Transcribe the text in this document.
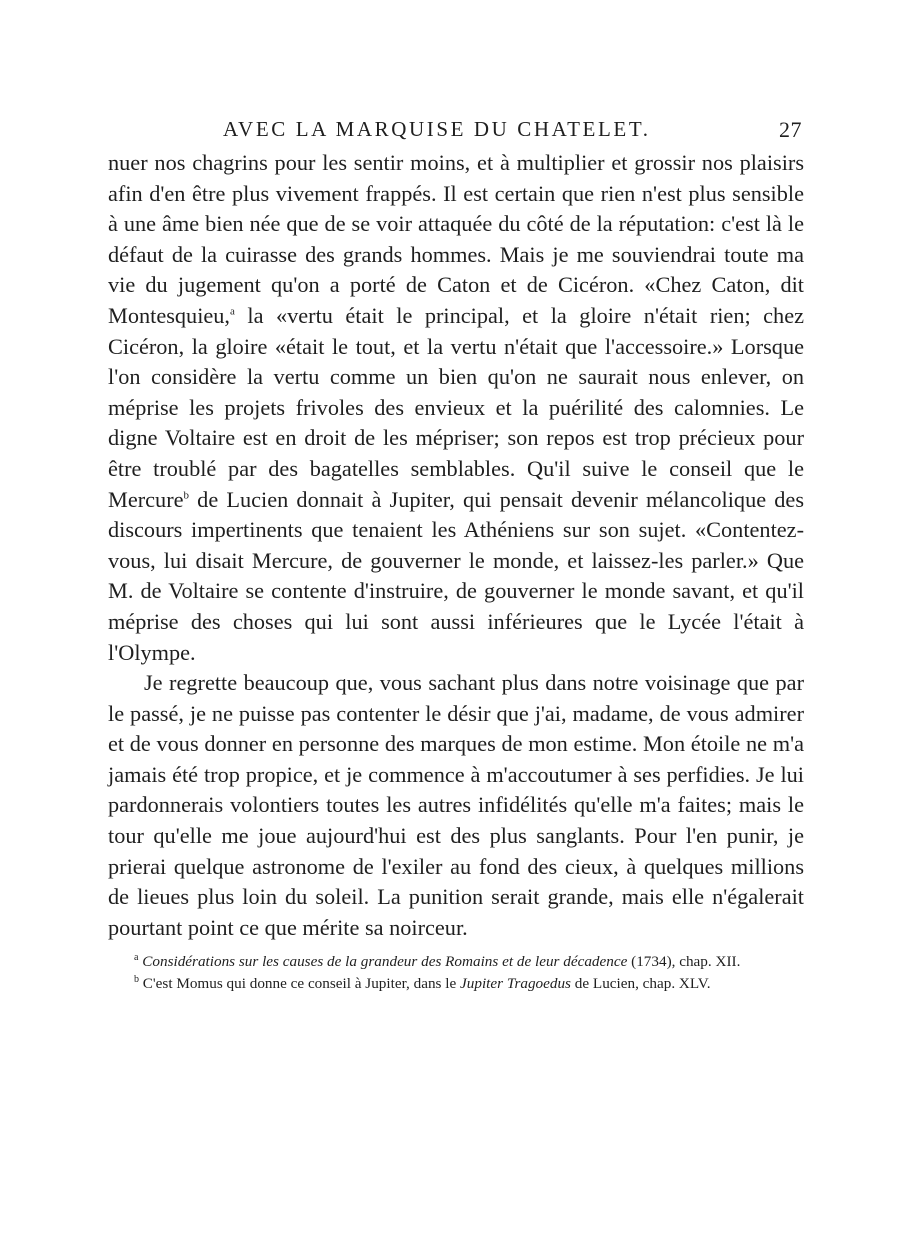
AVEC LA MARQUISE DU CHATELET.	27

nuer nos chagrins pour les sentir moins, et à multiplier et grossir nos plaisirs afin d'en être plus vivement frappés. Il est certain que rien n'est plus sensible à une âme bien née que de se voir attaquée du côté de la réputation: c'est là le défaut de la cuirasse des grands hommes. Mais je me souviendrai toute ma vie du jugement qu'on a porté de Caton et de Cicéron. «Chez Caton, dit Montesquieu,$^a$ la «vertu était le principal, et la gloire n'était rien; chez Cicéron, la gloire «était le tout, et la vertu n'était que l'accessoire.» Lorsque l'on considère la vertu comme un bien qu'on ne saurait nous enlever, on méprise les projets frivoles des envieux et la puérilité des calomnies. Le digne Voltaire est en droit de les mépriser; son repos est trop précieux pour être troublé par des bagatelles semblables. Qu'il suive le conseil que le Mercure$^b$ de Lucien donnait à Jupiter, qui pensait devenir mélancolique des discours impertinents que tenaient les Athéniens sur son sujet. «Contentez-vous, lui disait Mercure, de gouverner le monde, et laissez-les parler.» Que M. de Voltaire se contente d'instruire, de gouverner le monde savant, et qu'il méprise des choses qui lui sont aussi inférieures que le Lycée l'était à l'Olympe.

Je regrette beaucoup que, vous sachant plus dans notre voisinage que par le passé, je ne puisse pas contenter le désir que j'ai, madame, de vous admirer et de vous donner en personne des marques de mon estime. Mon étoile ne m'a jamais été trop propice, et je commence à m'accoutumer à ses perfidies. Je lui pardonnerais volontiers toutes les autres infidélités qu'elle m'a faites; mais le tour qu'elle me joue aujourd'hui est des plus sanglants. Pour l'en punir, je prierai quelque astronome de l'exiler au fond des cieux, à quelques millions de lieues plus loin du soleil. La punition serait grande, mais elle n'égalerait pourtant point ce que mérite sa noirceur.

$^a$ Considérations sur les causes de la grandeur des Romains et de leur décadence (1734), chap. XII.

$^b$ C'est Momus qui donne ce conseil à Jupiter, dans le Jupiter Tragoedus de Lucien, chap. XLV.
